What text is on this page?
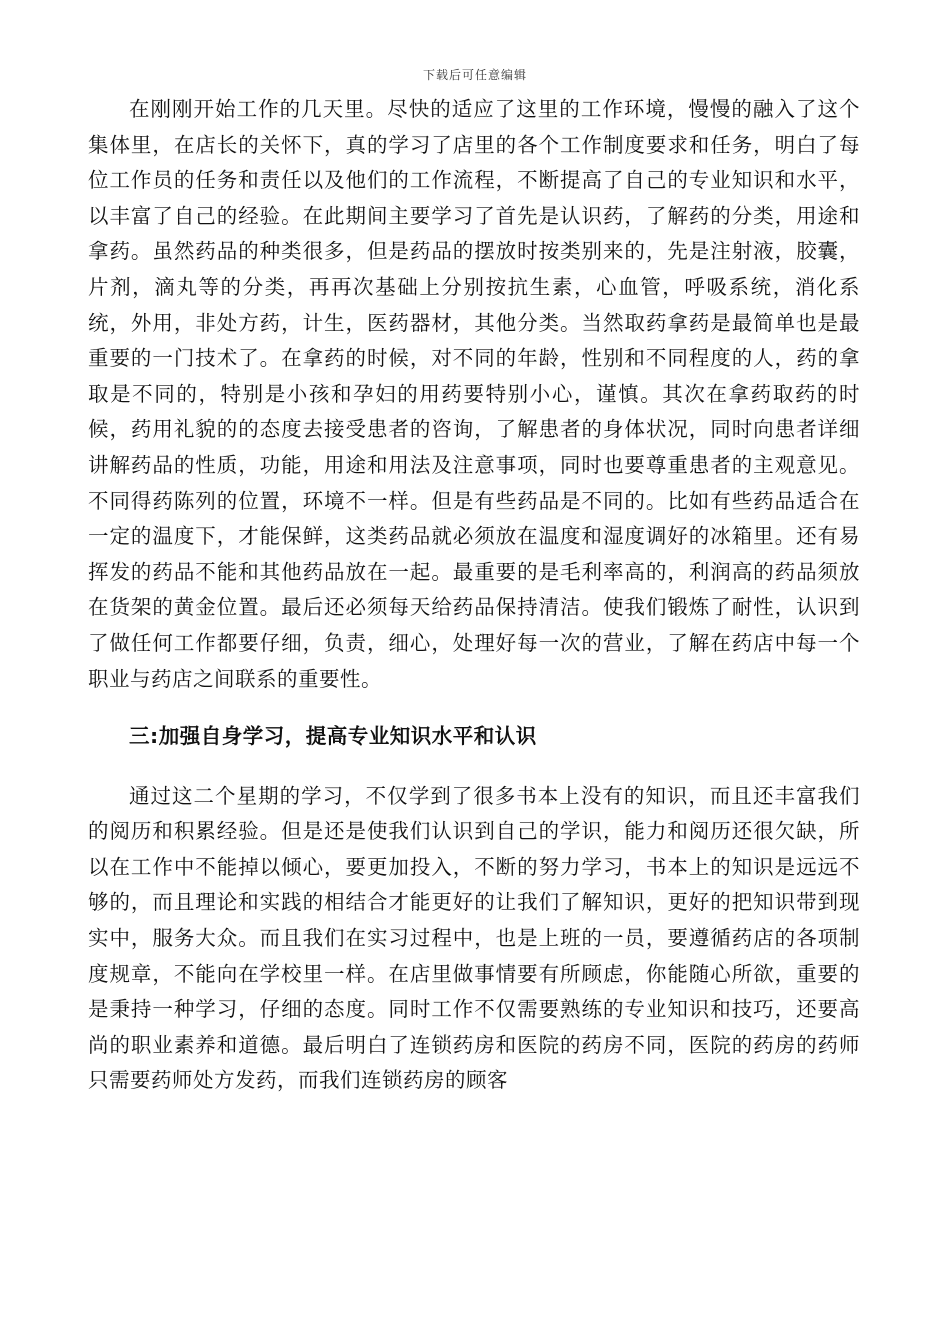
下载后可任意编辑

在刚刚开始工作的几天里。尽快的适应了这里的工作环境，慢慢的融入了这个集体里，在店长的关怀下，真的学习了店里的各个工作制度要求和任务，明白了每位工作员的任务和责任以及他们的工作流程，不断提高了自己的专业知识和水平，以丰富了自己的经验。在此期间主要学习了首先是认识药，了解药的分类，用途和拿药。虽然药品的种类很多，但是药品的摆放时按类别来的，先是注射液，胶囊，片剂，滴丸等的分类，再再次基础上分别按抗生素，心血管，呼吸系统，消化系统，外用，非处方药，计生，医药器材，其他分类。当然取药拿药是最简单也是最重要的一门技术了。在拿药的时候，对不同的年龄，性别和不同程度的人，药的拿取是不同的，特别是小孩和孕妇的用药要特别小心，谨慎。其次在拿药取药的时候，药用礼貌的的态度去接受患者的咨询，了解患者的身体状况，同时向患者详细讲解药品的性质，功能，用途和用法及注意事项，同时也要尊重患者的主观意见。不同得药陈列的位置，环境不一样。但是有些药品是不同的。比如有些药品适合在一定的温度下，才能保鲜，这类药品就必须放在温度和湿度调好的冰箱里。还有易挥发的药品不能和其他药品放在一起。最重要的是毛利率高的，利润高的药品须放在货架的黄金位置。最后还必须每天给药品保持清洁。使我们锻炼了耐性，认识到了做任何工作都要仔细，负责，细心，处理好每一次的营业，了解在药店中每一个职业与药店之间联系的重要性。

三:加强自身学习，提高专业知识水平和认识

通过这二个星期的学习，不仅学到了很多书本上没有的知识，而且还丰富我们的阅历和积累经验。但是还是使我们认识到自己的学识，能力和阅历还很欠缺，所以在工作中不能掉以倾心，要更加投入，不断的努力学习，书本上的知识是远远不够的，而且理论和实践的相结合才能更好的让我们了解知识，更好的把知识带到现实中，服务大众。而且我们在实习过程中，也是上班的一员，要遵循药店的各项制度规章，不能向在学校里一样。在店里做事情要有所顾虑，你能随心所欲，重要的是秉持一种学习，仔细的态度。同时工作不仅需要熟练的专业知识和技巧，还要高尚的职业素养和道德。最后明白了连锁药房和医院的药房不同，医院的药房的药师只需要药师处方发药，而我们连锁药房的顾客
